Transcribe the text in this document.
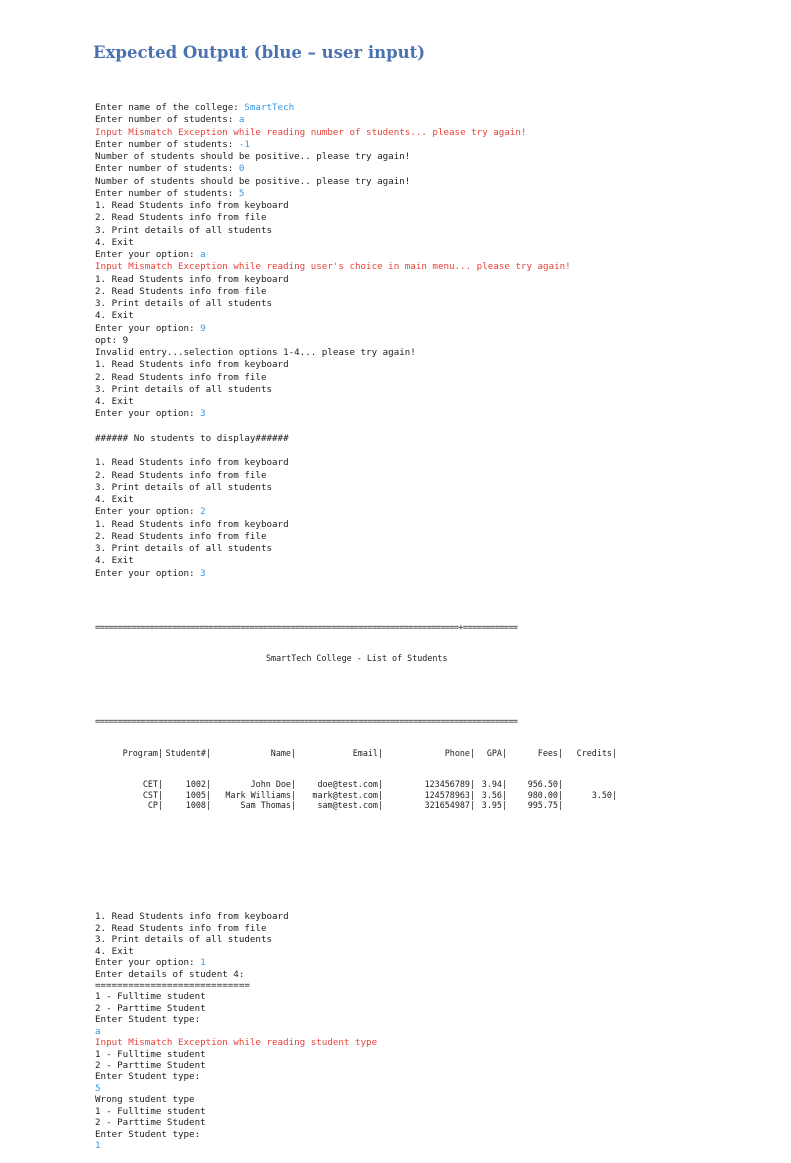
Expected Output (blue – user input)

Enter name of the college: SmartTech
Enter number of students: a
Input Mismatch Exception while reading number of students... please try again!
Enter number of students: -1
Number of students should be positive.. please try again!
Enter number of students: 0
Number of students should be positive.. please try again!
Enter number of students: 5
1. Read Students info from keyboard
2. Read Students info from file
3. Print details of all students
4. Exit
Enter your option: a
Input Mismatch Exception while reading user's choice in main menu... please try again!
1. Read Students info from keyboard
2. Read Students info from file
3. Print details of all students
4. Exit
Enter your option: 9
opt: 9
Invalid entry...selection options 1-4... please try again!
1. Read Students info from keyboard
2. Read Students info from file
3. Print details of all students
4. Exit
Enter your option: 3

###### No students to display######

1. Read Students info from keyboard
2. Read Students info from file
3. Print details of all students
4. Exit
Enter your option: 2
1. Read Students info from keyboard
2. Read Students info from file
3. Print details of all students
4. Exit
Enter your option: 3

================================================================================+============

SmartTech College - List of Students

=============================================================================================

Program| Student#|	Name|	Email|	Phone|	GPA|	Fees|	Credits|

CET|	1002|	John Doe|	doe@test.com|	123456789| 3.94|	956.50|
CST|	1005|	Mark Williams|	mark@test.com|	124578963| 3.56|	980.00|	3.50|
CP|	1008|	Sam Thomas|	sam@test.com|	321654987| 3.95|	995.75|

1. Read Students info from keyboard
2. Read Students info from file
3. Print details of all students
4. Exit
Enter your option: 1
Enter details of student 4:
============================
1 - Fulltime student
2 - Parttime Student
Enter Student type:
a
Input Mismatch Exception while reading student type
1 - Fulltime student
2 - Parttime Student
Enter Student type:
5
Wrong student type
1 - Fulltime student
2 - Parttime Student
Enter Student type:
1
